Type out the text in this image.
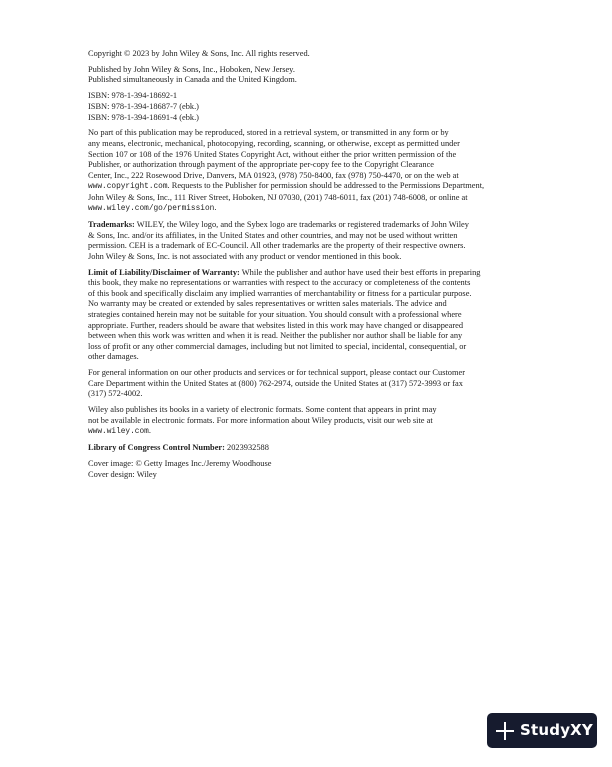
Copyright © 2023 by John Wiley & Sons, Inc. All rights reserved.

Published by John Wiley & Sons, Inc., Hoboken, New Jersey.
Published simultaneously in Canada and the United Kingdom.

ISBN: 978-1-394-18692-1
ISBN: 978-1-394-18687-7 (ebk.)
ISBN: 978-1-394-18691-4 (ebk.)

No part of this publication may be reproduced, stored in a retrieval system, or transmitted in any form or by
any means, electronic, mechanical, photocopying, recording, scanning, or otherwise, except as permitted under
Section 107 or 108 of the 1976 United States Copyright Act, without either the prior written permission of the
Publisher, or authorization through payment of the appropriate per-copy fee to the Copyright Clearance
Center, Inc., 222 Rosewood Drive, Danvers, MA 01923, (978) 750-8400, fax (978) 750-4470, or on the web at
www.copyright.com. Requests to the Publisher for permission should be addressed to the Permissions Department,
John Wiley & Sons, Inc., 111 River Street, Hoboken, NJ 07030, (201) 748-6011, fax (201) 748-6008, or online at
www.wiley.com/go/permission.

Trademarks: WILEY, the Wiley logo, and the Sybex logo are trademarks or registered trademarks of John Wiley
& Sons, Inc. and/or its affiliates, in the United States and other countries, and may not be used without written
permission. CEH is a trademark of EC-Council. All other trademarks are the property of their respective owners.
John Wiley & Sons, Inc. is not associated with any product or vendor mentioned in this book.

Limit of Liability/Disclaimer of Warranty: While the publisher and author have used their best efforts in preparing
this book, they make no representations or warranties with respect to the accuracy or completeness of the contents
of this book and specifically disclaim any implied warranties of merchantability or fitness for a particular purpose.
No warranty may be created or extended by sales representatives or written sales materials. The advice and
strategies contained herein may not be suitable for your situation. You should consult with a professional where
appropriate. Further, readers should be aware that websites listed in this work may have changed or disappeared
between when this work was written and when it is read. Neither the publisher nor author shall be liable for any
loss of profit or any other commercial damages, including but not limited to special, incidental, consequential, or
other damages.

For general information on our other products and services or for technical support, please contact our Customer
Care Department within the United States at (800) 762-2974, outside the United States at (317) 572-3993 or fax
(317) 572-4002.

Wiley also publishes its books in a variety of electronic formats. Some content that appears in print may
not be available in electronic formats. For more information about Wiley products, visit our web site at
www.wiley.com.

Library of Congress Control Number: 2023932588

Cover image: © Getty Images Inc./Jeremy Woodhouse
Cover design: Wiley

StudyXY
